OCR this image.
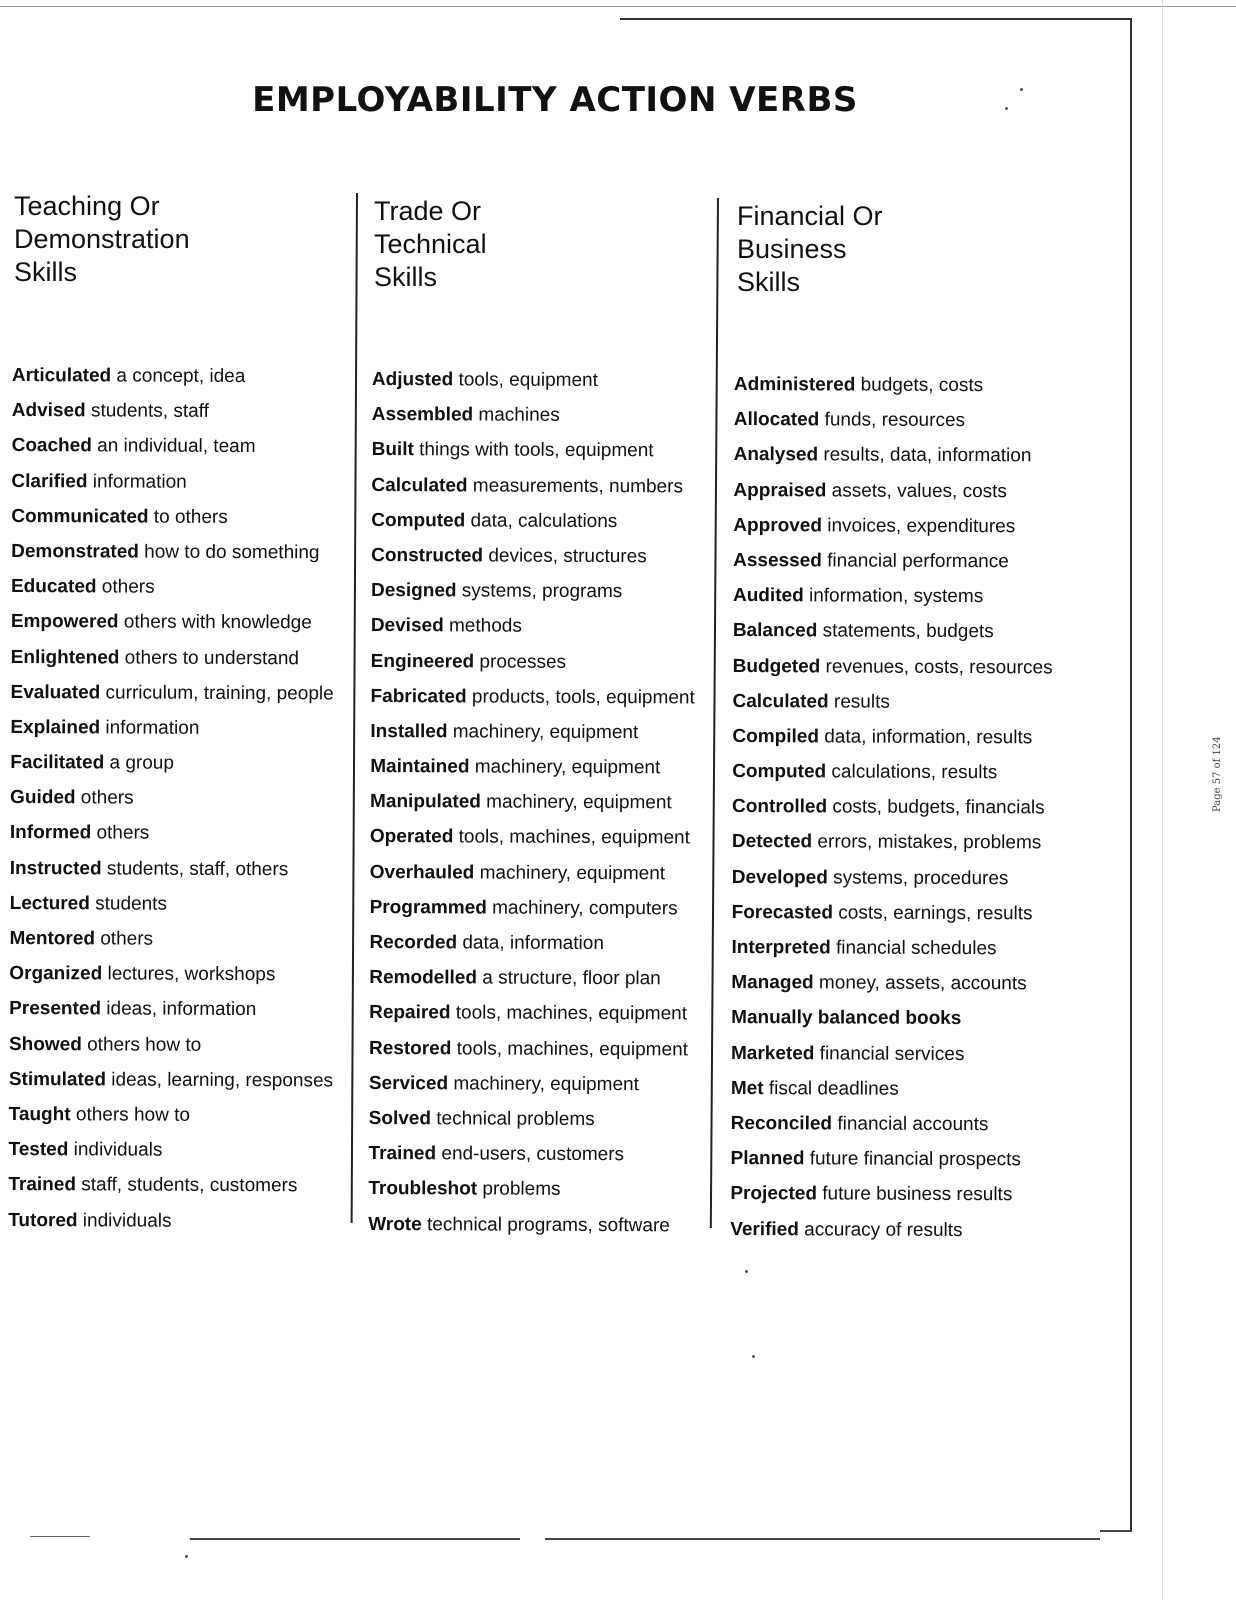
EMPLOYABILITY ACTION VERBS
Teaching Or
Demonstration
Skills
Trade Or
Technical
Skills
Financial Or
Business
Skills
Articulated a concept, idea
Advised students, staff
Coached an individual, team
Clarified information
Communicated to others
Demonstrated how to do something
Educated others
Empowered others with knowledge
Enlightened others to understand
Evaluated curriculum, training, people
Explained information
Facilitated a group
Guided others
Informed others
Instructed students, staff, others
Lectured students
Mentored others
Organized lectures, workshops
Presented ideas, information
Showed others how to
Stimulated ideas, learning, responses
Taught others how to
Tested individuals
Trained staff, students, customers
Tutored individuals
Adjusted tools, equipment
Assembled machines
Built things with tools, equipment
Calculated measurements, numbers
Computed data, calculations
Constructed devices, structures
Designed systems, programs
Devised methods
Engineered processes
Fabricated products, tools, equipment
Installed machinery, equipment
Maintained machinery, equipment
Manipulated machinery, equipment
Operated tools, machines, equipment
Overhauled machinery, equipment
Programmed machinery, computers
Recorded data, information
Remodelled a structure, floor plan
Repaired tools, machines, equipment
Restored tools, machines, equipment
Serviced machinery, equipment
Solved technical problems
Trained end-users, customers
Troubleshot problems
Wrote technical programs, software
Administered budgets, costs
Allocated funds, resources
Analysed results, data, information
Appraised assets, values, costs
Approved invoices, expenditures
Assessed financial performance
Audited information, systems
Balanced statements, budgets
Budgeted revenues, costs, resources
Calculated results
Compiled data, information, results
Computed calculations, results
Controlled costs, budgets, financials
Detected errors, mistakes, problems
Developed systems, procedures
Forecasted costs, earnings, results
Interpreted financial schedules
Managed money, assets, accounts
Manually balanced books
Marketed financial services
Met fiscal deadlines
Reconciled financial accounts
Planned future financial prospects
Projected future business results
Verified accuracy of results
Page 57 of 124
